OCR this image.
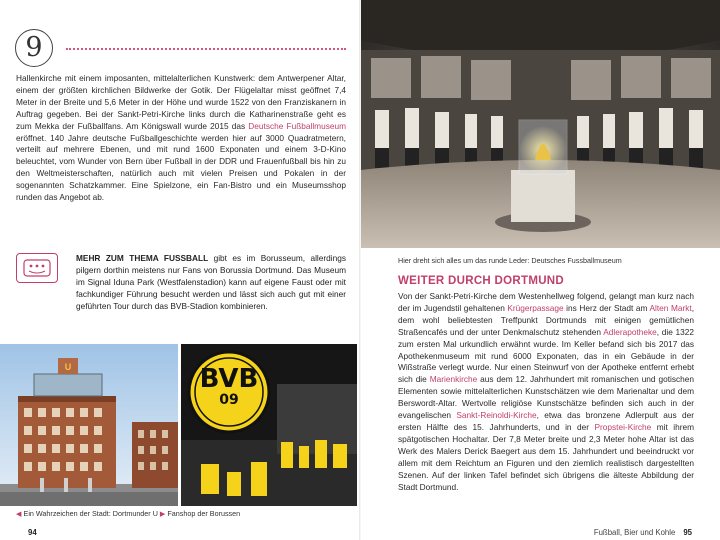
9
Hallenkirche mit einem imposanten, mittelalterlichen Kunstwerk: dem Antwerpener Altar, einem der größten kirchlichen Bildwerke der Gotik. Der Flügelaltar misst geöffnet 7,4 Meter in der Breite und 5,6 Meter in der Höhe und wurde 1522 von den Franziskanern in Auftrag gegeben. Bei der Sankt-Petri-Kirche links durch die Katharinenstraße geht es zum Mekka der Fußballfans. Am Königswall wurde 2015 das Deutsche Fußballmuseum eröffnet. 140 Jahre deutsche Fußballgeschichte werden hier auf 3000 Quadratmetern, verteilt auf mehrere Ebenen, und mit rund 1600 Exponaten und einem 3-D-Kino beleuchtet, vom Wunder von Bern über Fußball in der DDR und Frauenfußball bis hin zu den Weltmeisterschaften, natürlich auch mit vielen Preisen und Pokalen in der sogenannten Schatzkammer. Eine Spielzone, ein Fan-Bistro und ein Museumsshop runden das Angebot ab.
MEHR ZUM THEMA FUSSBALL gibt es im Borusseum, allerdings pilgern dorthin meistens nur Fans von Borussia Dortmund. Das Museum im Signal Iduna Park (Westfalenstadion) kann auf eigene Faust oder mit fachkundiger Führung besucht werden und lässt sich auch gut mit einer geführten Tour durch das BVB-Stadion kombinieren.
U	BVB
09
◀ Ein Wahrzeichen der Stadt: Dortmunder U ▶ Fanshop der Borussen
94
Hier dreht sich alles um das runde Leder: Deutsches Fussballmuseum
WEITER DURCH DORTMUND
Von der Sankt-Petri-Kirche dem Westenhellweg folgend, gelangt man kurz nach der im Jugendstil gehaltenen Krügerpassage ins Herz der Stadt am Alten Markt, dem wohl beliebtesten Treffpunkt Dortmunds mit einigen gemütlichen Straßencafés und der unter Denkmalschutz stehenden Adlerapotheke, die 1322 zum ersten Mal urkundlich erwähnt wurde. Im Keller befand sich bis 2017 das Apothekenmuseum mit rund 6000 Exponaten, das in ein Gebäude in der Wißstraße verlegt wurde. Nur einen Steinwurf von der Apotheke entfernt erhebt sich die Marienkirche aus dem 12. Jahrhundert mit romanischen und gotischen Elementen sowie mittelalterlichen Kunstschätzen wie dem Marienaltar und dem Berswordt-Altar. Wertvolle religiöse Kunstschätze befinden sich auch in der evangelischen Sankt-Reinoldi-Kirche, etwa das bronzene Adlerpult aus der ersten Hälfte des 15. Jahrhunderts, und in der Propstei-Kirche mit ihrem spätgotischen Hochaltar. Der 7,8 Meter breite und 2,3 Meter hohe Altar ist das Werk des Malers Derick Baegert aus dem 15. Jahrhundert und beeindruckt vor allem mit dem Reichtum an Figuren und den ziemlich realistisch dargestellten Szenen. Auf der linken Tafel befindet sich übrigens die älteste Abbildung der Stadt Dortmund.
Fußball, Bier und Kohle 95
